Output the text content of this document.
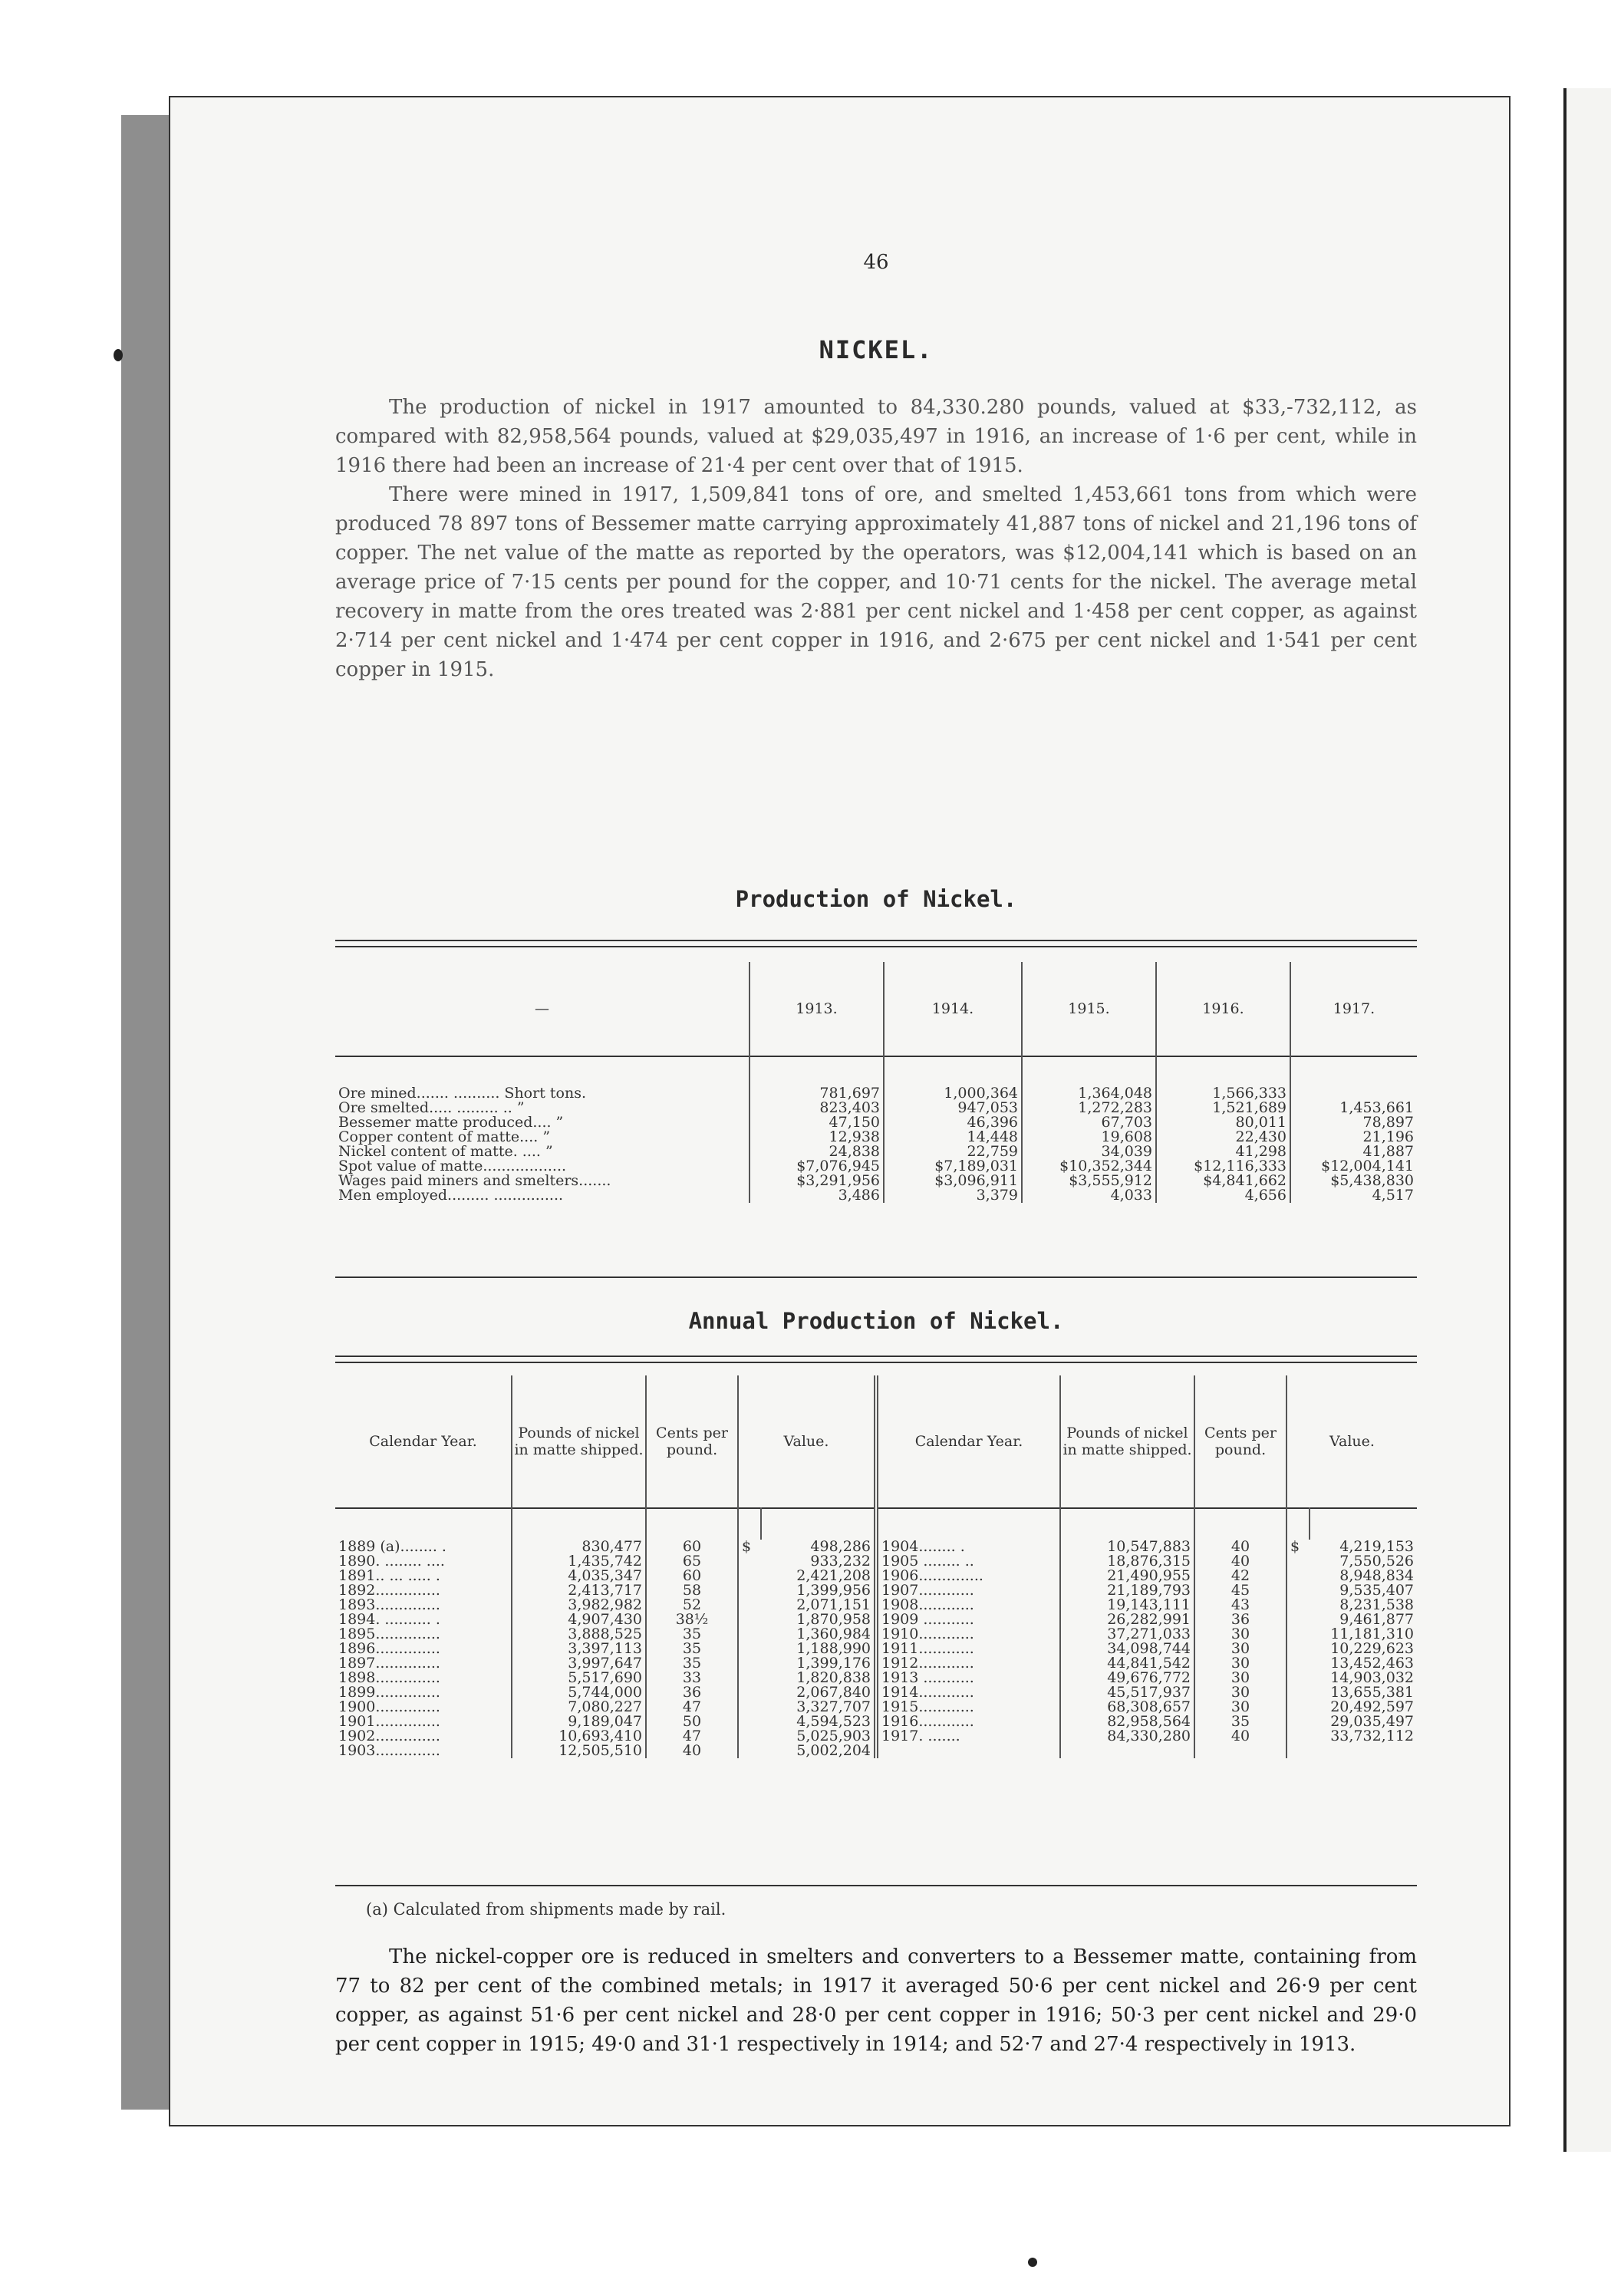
46
NICKEL.

The production of nickel in 1917 amounted to 84,330.280 pounds, valued at $33,-732,112, as compared with 82,958,564 pounds, valued at $29,035,497 in 1916, an increase of 1·6 per cent, while in 1916 there had been an increase of 21·4 per cent over that of 1915.

There were mined in 1917, 1,509,841 tons of ore, and smelted 1,453,661 tons from which were produced 78 897 tons of Bessemer matte carrying approximately 41,887 tons of nickel and 21,196 tons of copper. The net value of the matte as reported by the operators, was $12,004,141 which is based on an average price of 7·15 cents per pound for the copper, and 10·71 cents for the nickel. The average metal recovery in matte from the ores treated was 2·881 per cent nickel and 1·458 per cent copper, as against 2·714 per cent nickel and 1·474 per cent copper in 1916, and 2·675 per cent nickel and 1·541 per cent copper in 1915.

Production of Nickel.
—	1913.	1914.	1915.	1916.	1917.

Ore mined....... .......... Short tons.	781,697	1,000,364	1,364,048	1,566,333	
Ore smelted..... ......... .. ”	823,403	947,053	1,272,283	1,521,689	1,453,661
Bessemer matte produced.... ”	47,150	46,396	67,703	80,011	78,897
Copper content of matte.... ”	12,938	14,448	19,608	22,430	21,196
Nickel content of matte. .... ”	24,838	22,759	34,039	41,298	41,887
Spot value of matte..................	$7,076,945	$7,189,031	$10,352,344	$12,116,333	$12,004,141
Wages paid miners and smelters.......	$3,291,956	$3,096,911	$3,555,912	$4,841,662	$5,438,830
Men employed......... ...............	3,486	3,379	4,033	4,656	4,517
Annual Production of Nickel.
Calendar Year.	Pounds of nickel in matte shipped.	Cents per pound.	Value.		Calendar Year.	Pounds of nickel in matte shipped.	Cents per pound.	Value.	

1889 (a)........ .	830,477	60	$	498,286	1904........ .	10,547,883	40	$	4,219,153
1890. ........ ....	1,435,742	65		933,232	1905 ........ ..	18,876,315	40		7,550,526
1891.. ... ..... .	4,035,347	60		2,421,208	1906..............	21,490,955	42		8,948,834
1892..............	2,413,717	58		1,399,956	1907............	21,189,793	45		9,535,407
1893..............	3,982,982	52		2,071,151	1908............	19,143,111	43		8,231,538
1894. .......... .	4,907,430	38½		1,870,958	1909 ...........	26,282,991	36		9,461,877
1895..............	3,888,525	35		1,360,984	1910............	37,271,033	30		11,181,310
1896..............	3,397,113	35		1,188,990	1911............	34,098,744	30		10,229,623
1897..............	3,997,647	35		1,399,176	1912............	44,841,542	30		13,452,463
1898..............	5,517,690	33		1,820,838	1913 ...........	49,676,772	30		14,903,032
1899..............	5,744,000	36		2,067,840	1914............	45,517,937	30		13,655,381
1900..............	7,080,227	47		3,327,707	1915............	68,308,657	30		20,492,597
1901..............	9,189,047	50		4,594,523	1916............	82,958,564	35		29,035,497
1902..............	10,693,410	47		5,025,903	1917. .......	84,330,280	40		33,732,112
1903..............	12,505,510	40		5,002,204					
(a) Calculated from shipments made by rail.

The nickel-copper ore is reduced in smelters and converters to a Bessemer matte, containing from 77 to 82 per cent of the combined metals; in 1917 it averaged 50·6 per cent nickel and 26·9 per cent copper, as against 51·6 per cent nickel and 28·0 per cent copper in 1916; 50·3 per cent nickel and 29·0 per cent copper in 1915; 49·0 and 31·1 respectively in 1914; and 52·7 and 27·4 respectively in 1913.
